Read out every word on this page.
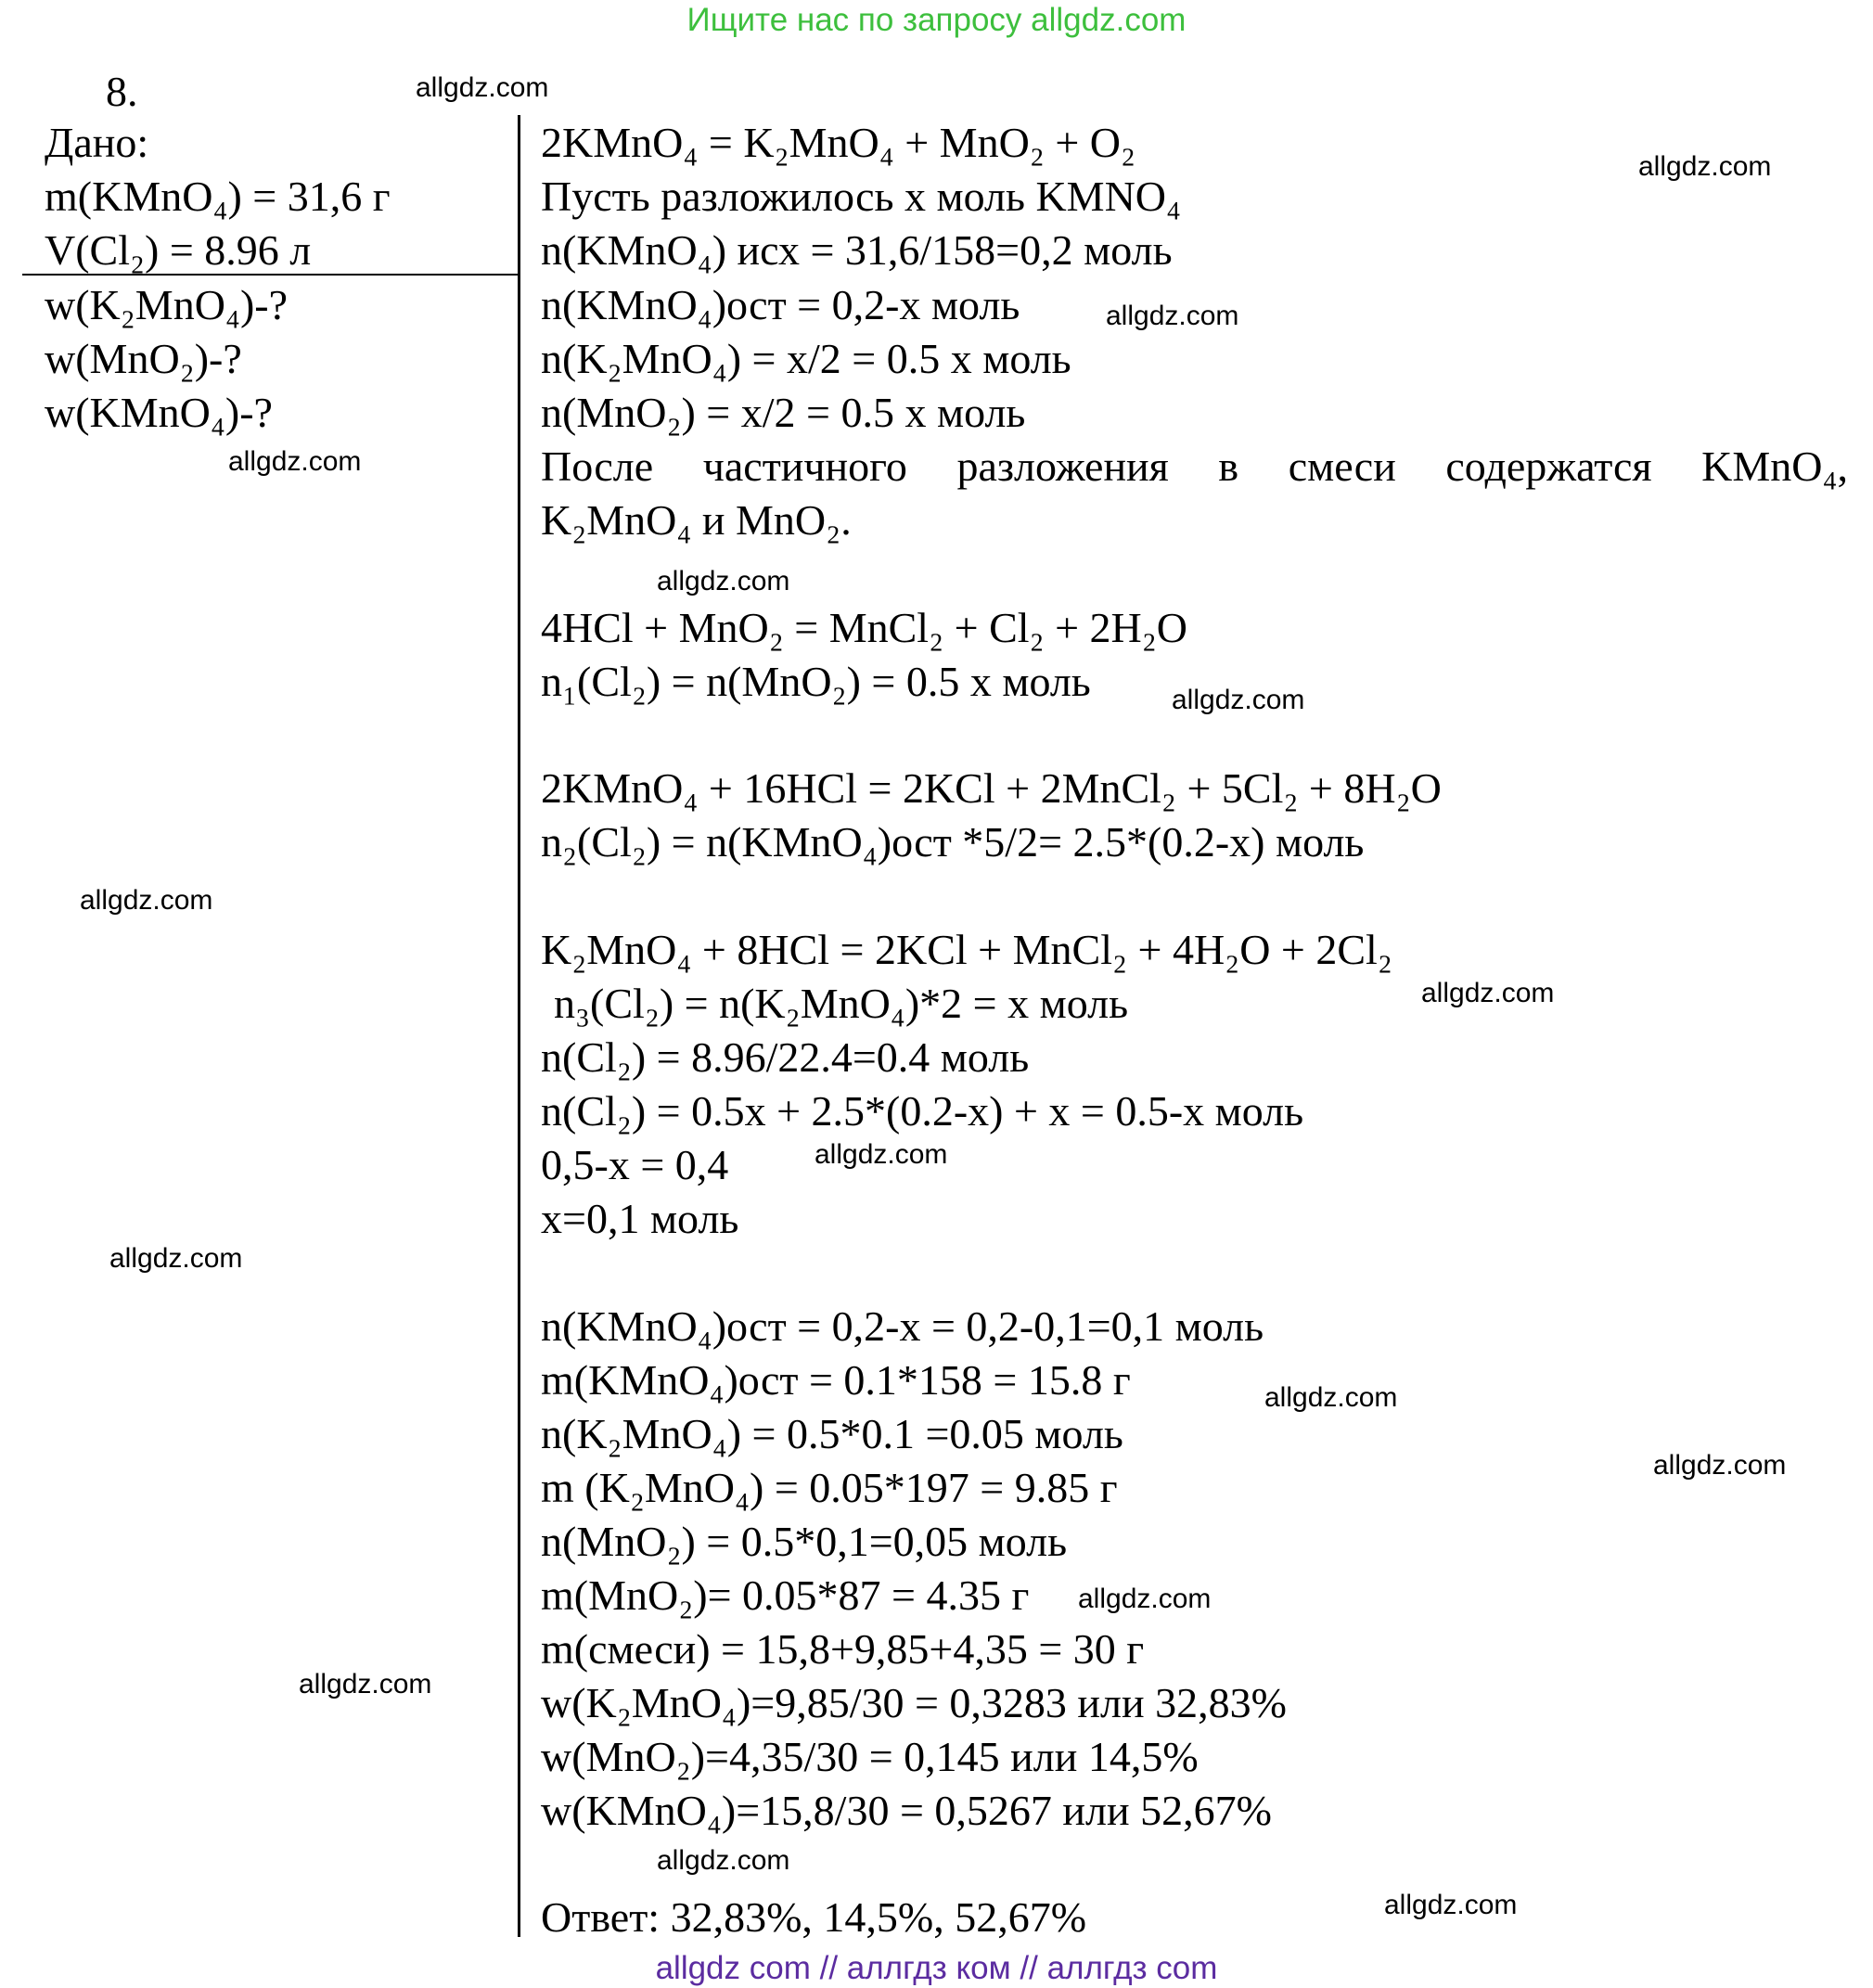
Ищите нас по запросу allgdz.com
allgdz com // аллгдз ком // аллгдз com
8.
Дано:
m(KMnO₄) = 31,6 г
V(Cl₂) = 8.96 л
w(K₂MnO₄)-?
w(MnO₂)-?
w(KMnO₄)-?
2KMnO₄ = K₂MnO₄ + MnO₂ + O₂
Пусть разложилось x моль KMNO₄
n(KMnO₄) исх = 31,6/158=0,2 моль
n(KMnO₄)ост = 0,2-x моль
n(K₂MnO₄) = x/2 = 0.5 x моль
n(MnO₂) = x/2 = 0.5 x моль
После частичного разложения в смеси содержатся KMnO₄,
K₂MnO₄ и MnO₂.
4HCl + MnO₂ = MnCl₂ + Cl₂ + 2H₂O
n₁(Cl₂) = n(MnO₂) = 0.5 x моль
2KMnO₄ + 16HCl = 2KCl + 2MnCl₂ + 5Cl₂ + 8H₂O
n₂(Cl₂) = n(KMnO₄)ост *5/2= 2.5*(0.2-x) моль
K₂MnO₄ + 8HCl = 2KCl + MnCl₂ + 4H₂O + 2Cl₂
n₃(Cl₂) = n(K₂MnO₄)*2 = x моль
n(Cl₂) = 8.96/22.4=0.4 моль
n(Cl₂) = 0.5x + 2.5*(0.2-x) + x = 0.5-x моль
0,5-x = 0,4
x=0,1 моль
n(KMnO₄)ост = 0,2-x = 0,2-0,1=0,1 моль
m(KMnO₄)ост = 0.1*158 = 15.8 г
n(K₂MnO₄) = 0.5*0.1 =0.05 моль
m (K₂MnO₄) = 0.05*197 = 9.85 г
n(MnO₂) = 0.5*0,1=0,05 моль
m(MnO₂)= 0.05*87 = 4.35 г
m(смеси) = 15,8+9,85+4,35 = 30 г
w(K₂MnO₄)=9,85/30 = 0,3283 или 32,83%
w(MnO₂)=4,35/30 = 0,145 или 14,5%
w(KMnO₄)=15,8/30 = 0,5267 или 52,67%
Ответ: 32,83%, 14,5%, 52,67%
allgdz.com
allgdz.com
allgdz.com
allgdz.com
allgdz.com
allgdz.com
allgdz.com
allgdz.com
allgdz.com
allgdz.com
allgdz.com
allgdz.com
allgdz.com
allgdz.com
allgdz.com
allgdz.com
